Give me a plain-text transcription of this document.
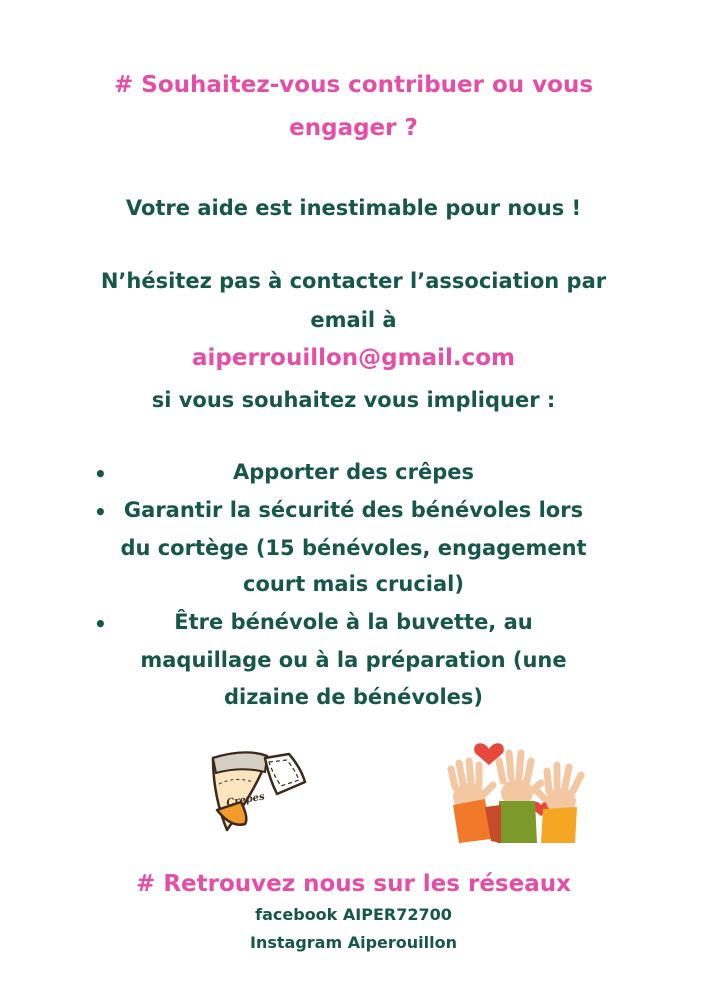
# Souhaitez-vous contribuer ou vous
engager ?
Votre aide est inestimable pour nous !
N’hésitez pas à contacter l’association par
email à
aiperrouillon@gmail.com
si vous souhaitez vous impliquer :
•	Apporter des crêpes
• Garantir la sécurité des bénévoles lors
du cortège (15 bénévoles, engagement
court mais crucial)
•	Être bénévole à la buvette, au
maquillage ou à la préparation (une
dizaine de bénévoles)
Crepes
# Retrouvez nous sur les réseaux
facebook AIPER72700
Instagram Aiperouillon
